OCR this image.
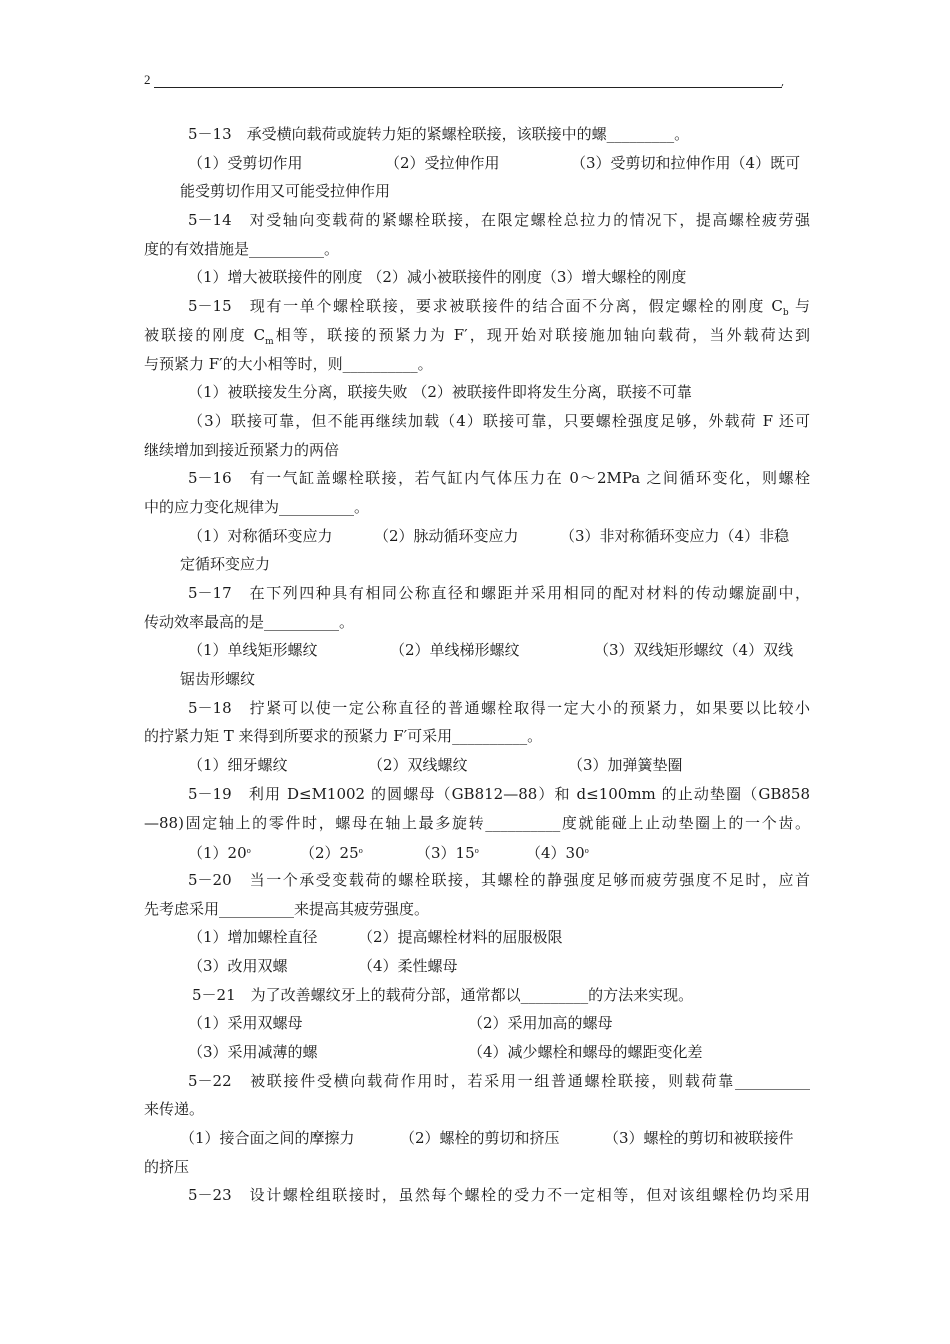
2	,
5－13　承受横向载荷或旋转力矩的紧螺栓联接，该联接中的螺_________。
（1）受剪切作用	（2）受拉伸作用	（3）受剪切和拉伸作用（4）既可
能受剪切作用又可能受拉伸作用
5－14　对受轴向变载荷的紧螺栓联接，在限定螺栓总拉力的情况下，提高螺栓疲劳强
度的有效措施是__________。
（1）增大被联接件的刚度 （2）减小被联接件的刚度（3）增大螺栓的刚度
5－15　现有一单个螺栓联接，要求被联接件的结合面不分离，假定螺栓的刚度 $C_b$ 与
被联接的刚度 $C_m$相等，联接的预紧力为 F′，现开始对联接施加轴向载荷，当外载荷达到
与预紧力 F′的大小相等时，则__________。
（1）被联接发生分离，联接失败 （2）被联接件即将发生分离，联接不可靠
（3）联接可靠，但不能再继续加载（4）联接可靠，只要螺栓强度足够，外载荷 F 还可
继续增加到接近预紧力的两倍
5－16　有一气缸盖螺栓联接，若气缸内气体压力在 0～2MPa 之间循环变化，则螺栓
中的应力变化规律为__________。
（1）对称循环变应力	（2）脉动循环变应力	（3）非对称循环变应力（4）非稳
定循环变应力
5－17　在下列四种具有相同公称直径和螺距并采用相同的配对材料的传动螺旋副中，
传动效率最高的是__________。
（1）单线矩形螺纹	（2）单线梯形螺纹	（3）双线矩形螺纹（4）双线
锯齿形螺纹
5－18　拧紧可以使一定公称直径的普通螺栓取得一定大小的预紧力，如果要以比较小
的拧紧力矩 T 来得到所要求的预紧力 F′可采用__________。
（1）细牙螺纹	（2）双线螺纹	（3）加弹簧垫圈
5－19　利用 D≤M1002 的圆螺母（GB812—88）和 d≤100mm 的止动垫圈（GB858
—88)固定轴上的零件时，螺母在轴上最多旋转__________度就能碰上止动垫圈上的一个齿。
（1）20$^o$	（2）25$^o$	（3）15$^o$	（4）30$^o$
5－20　当一个承受变载荷的螺栓联接，其螺栓的静强度足够而疲劳强度不足时，应首
先考虑采用__________来提高其疲劳强度。
（1）增加螺栓直径	（2）提高螺栓材料的屈服极限
（3）改用双螺	（4）柔性螺母
5－21　为了改善螺纹牙上的载荷分部，通常都以_________的方法来实现。
（1）采用双螺母	（2）采用加高的螺母
（3）采用减薄的螺	（4）减少螺栓和螺母的螺距变化差
5－22　被联接件受横向载荷作用时，若采用一组普通螺栓联接，则载荷靠__________
来传递。
（1）接合面之间的摩擦力	（2）螺栓的剪切和挤压	（3）螺栓的剪切和被联接件
的挤压
5－23　设计螺栓组联接时，虽然每个螺栓的受力不一定相等，但对该组螺栓仍均采用
